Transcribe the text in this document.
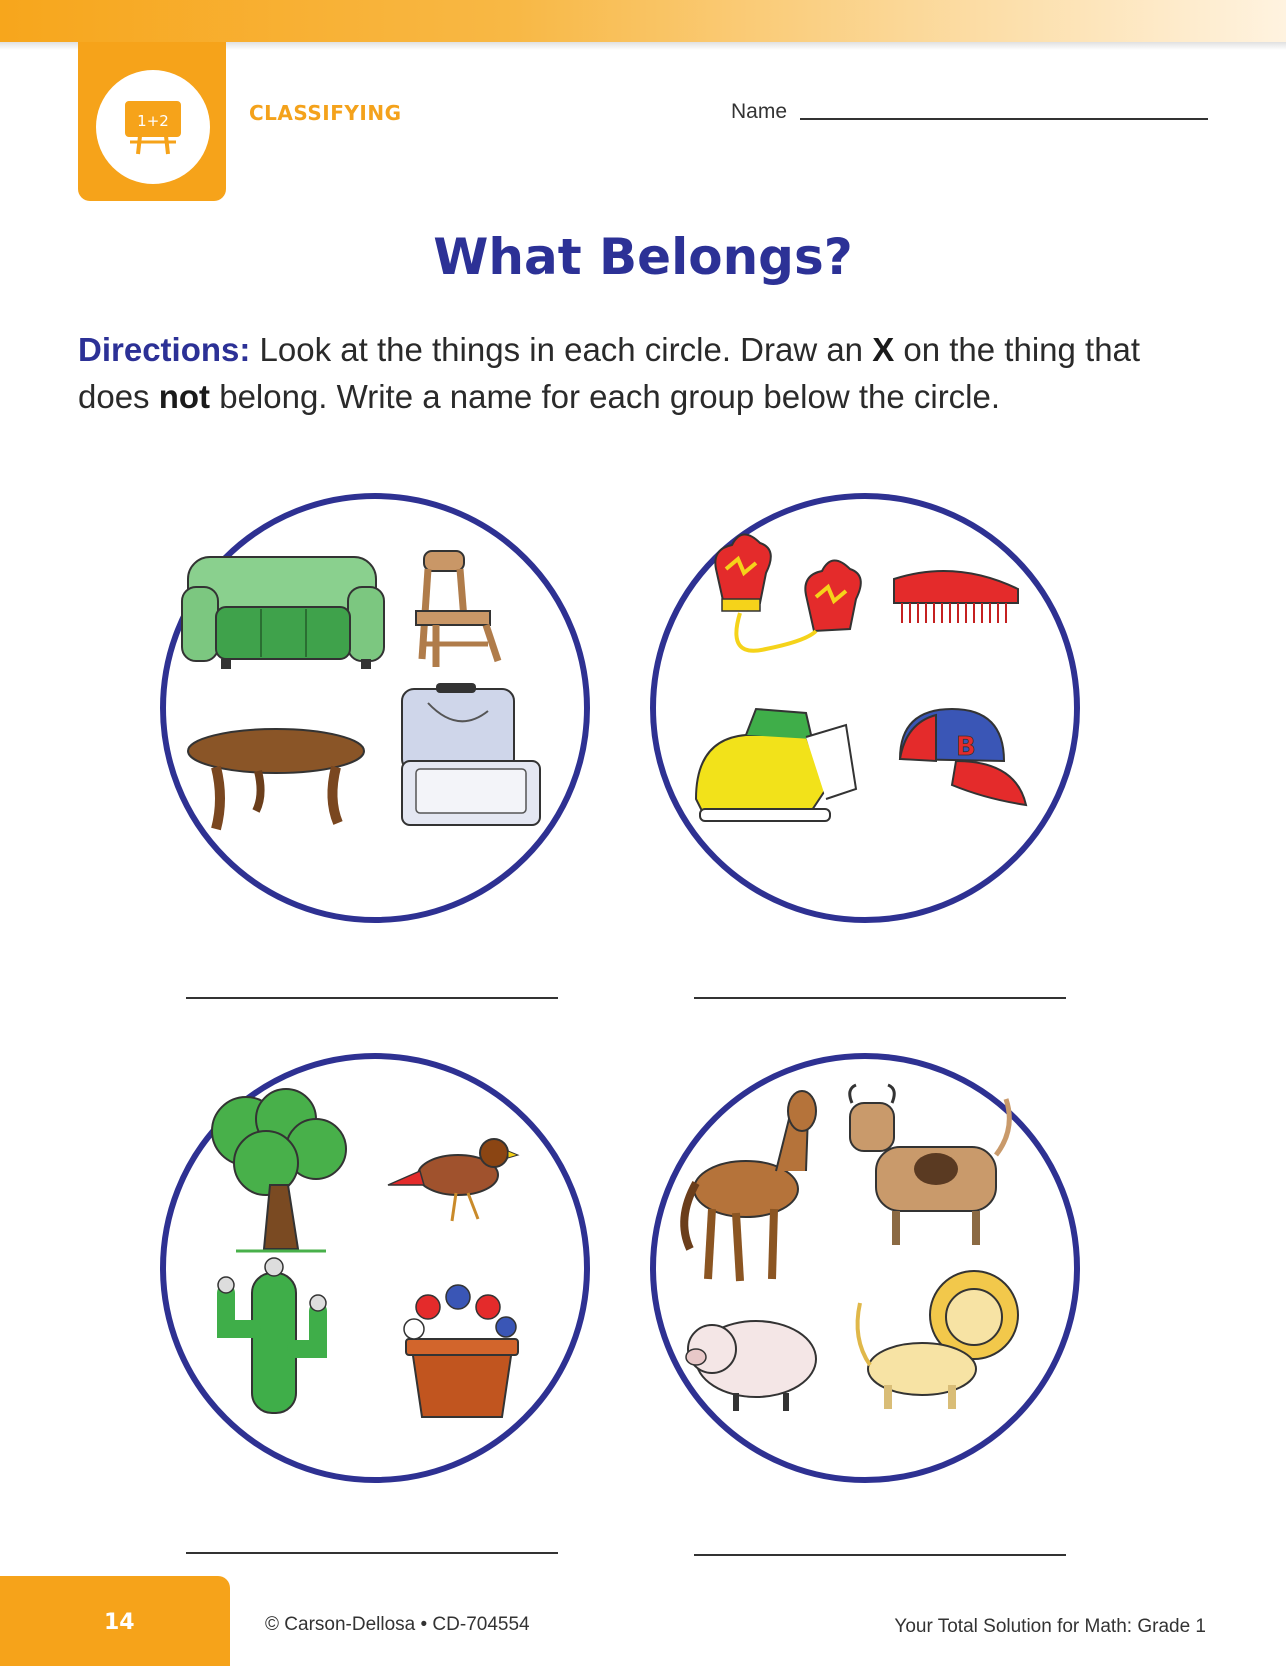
1+2	CLASSIFYING	Name
What Belongs?
Directions: Look at the things in each circle. Draw an X on the thing that does not belong. Write a name for each group below the circle.
B
14	© Carson-Dellosa • CD-704554	Your Total Solution for Math: Grade 1
